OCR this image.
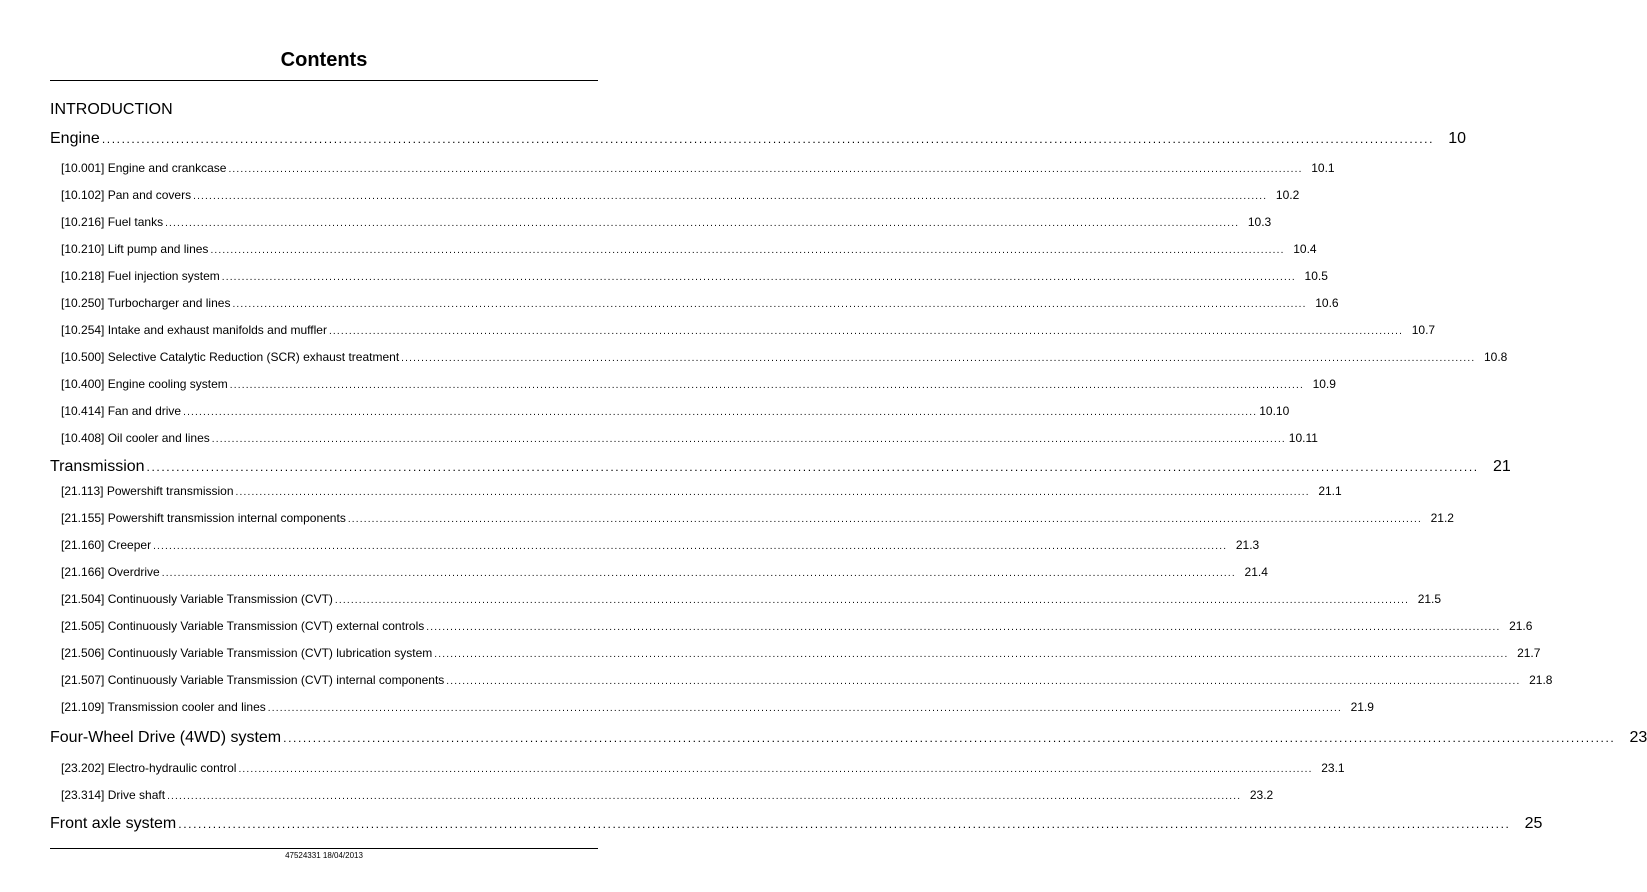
Contents
INTRODUCTION
Engine .............................................................................................................................................................................................................................................................................. 10
[10.001] Engine and crankcase .............................................................................................................................................................................................................................................................................. 10.1
[10.102] Pan and covers .............................................................................................................................................................................................................................................................................. 10.2
[10.216] Fuel tanks .............................................................................................................................................................................................................................................................................. 10.3
[10.210] Lift pump and lines .............................................................................................................................................................................................................................................................................. 10.4
[10.218] Fuel injection system .............................................................................................................................................................................................................................................................................. 10.5
[10.250] Turbocharger and lines .............................................................................................................................................................................................................................................................................. 10.6
[10.254] Intake and exhaust manifolds and muffler .............................................................................................................................................................................................................................................................................. 10.7
[10.500] Selective Catalytic Reduction (SCR) exhaust treatment .............................................................................................................................................................................................................................................................................. 10.8
[10.400] Engine cooling system .............................................................................................................................................................................................................................................................................. 10.9
[10.414] Fan and drive .............................................................................................................................................................................................................................................................................. 10.10
[10.408] Oil cooler and lines .............................................................................................................................................................................................................................................................................. 10.11
Transmission .............................................................................................................................................................................................................................................................................. 21
[21.113] Powershift transmission .............................................................................................................................................................................................................................................................................. 21.1
[21.155] Powershift transmission internal components .............................................................................................................................................................................................................................................................................. 21.2
[21.160] Creeper .............................................................................................................................................................................................................................................................................. 21.3
[21.166] Overdrive .............................................................................................................................................................................................................................................................................. 21.4
[21.504] Continuously Variable Transmission (CVT) .............................................................................................................................................................................................................................................................................. 21.5
[21.505] Continuously Variable Transmission (CVT) external controls .............................................................................................................................................................................................................................................................................. 21.6
[21.506] Continuously Variable Transmission (CVT) lubrication system .............................................................................................................................................................................................................................................................................. 21.7
[21.507] Continuously Variable Transmission (CVT) internal components .............................................................................................................................................................................................................................................................................. 21.8
[21.109] Transmission cooler and lines .............................................................................................................................................................................................................................................................................. 21.9
Four-Wheel Drive (4WD) system .............................................................................................................................................................................................................................................................................. 23
[23.202] Electro-hydraulic control .............................................................................................................................................................................................................................................................................. 23.1
[23.314] Drive shaft .............................................................................................................................................................................................................................................................................. 23.2
Front axle system .............................................................................................................................................................................................................................................................................. 25
47524331 18/04/2013
